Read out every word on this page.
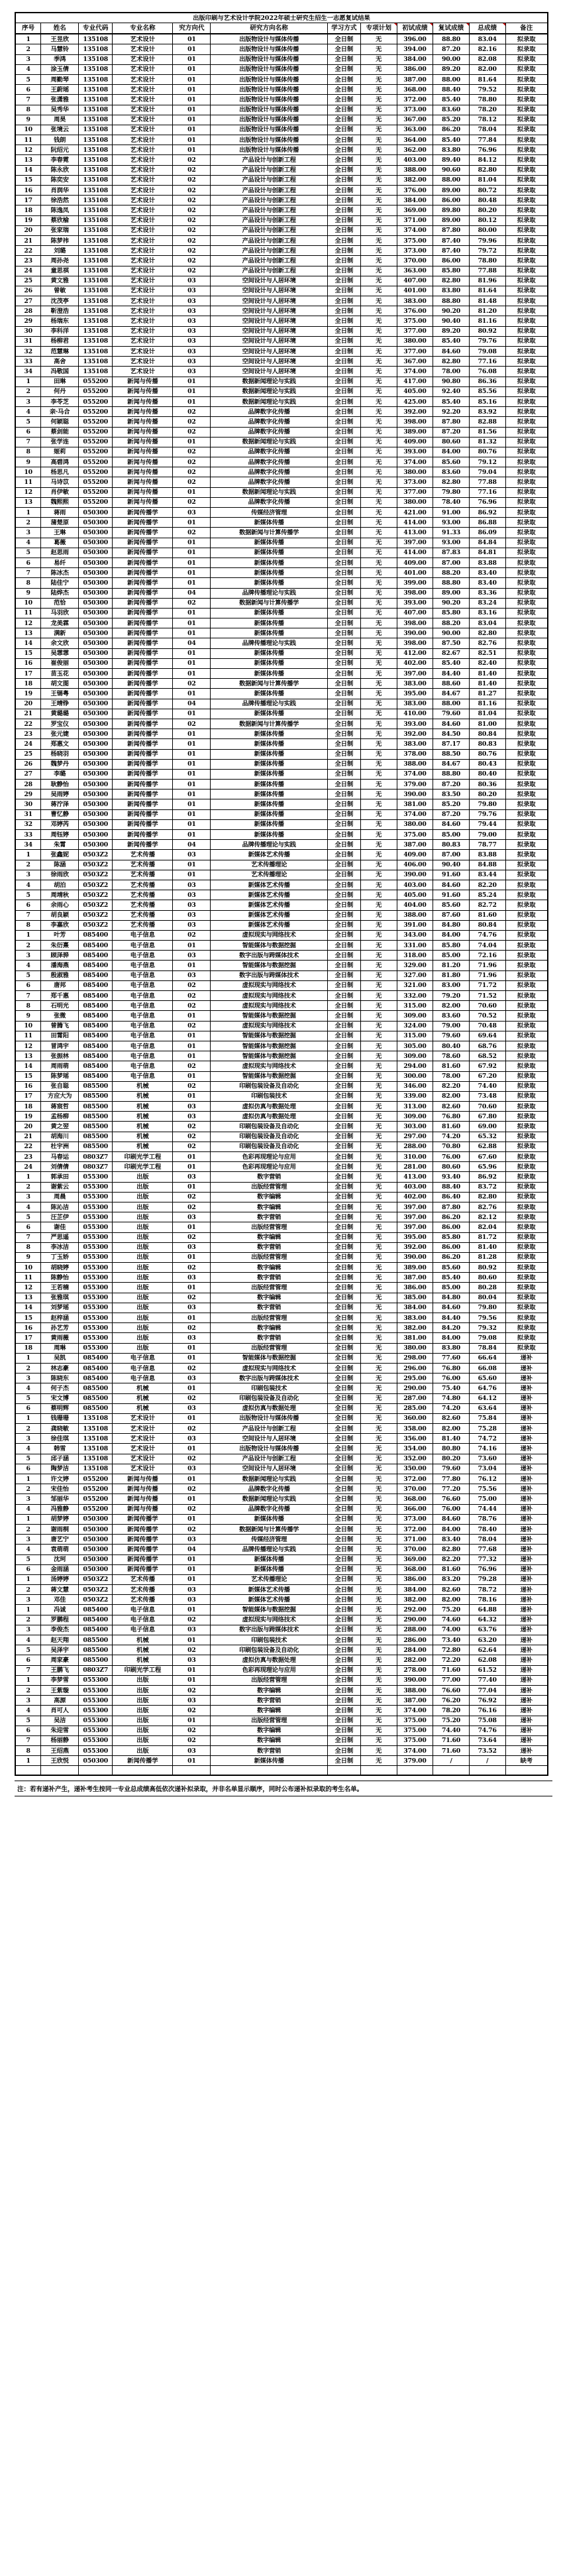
出版印刷与艺术设计学院2022年硕士研究生招生一志愿复试结果											
序号	姓名	专业代码	专业名称	究方向代	研究方向名称	学习方式	专项计划	初试成绩	复试成绩	总成绩	备注
1	王昱欣	135108	艺术设计	01	出版物设计与媒体传播	全日制	无	396.00	88.80	83.04	拟录取
2	马慧铃	135108	艺术设计	01	出版物设计与媒体传播	全日制	无	394.00	87.20	82.16	拟录取
3	季鸿	135108	艺术设计	01	出版物设计与媒体传播	全日制	无	384.00	90.00	82.08	拟录取
4	涂玉倩	135108	艺术设计	01	出版物设计与媒体传播	全日制	无	386.00	89.20	82.00	拟录取
5	周勤琴	135108	艺术设计	01	出版物设计与媒体传播	全日制	无	387.00	88.00	81.64	拟录取
6	王蔚瑶	135108	艺术设计	01	出版物设计与媒体传播	全日制	无	368.00	88.40	79.52	拟录取
7	张潇雅	135108	艺术设计	01	出版物设计与媒体传播	全日制	无	372.00	85.40	78.80	拟录取
8	吴秀华	135108	艺术设计	01	出版物设计与媒体传播	全日制	无	373.00	83.60	78.20	拟录取
9	周昊	135108	艺术设计	01	出版物设计与媒体传播	全日制	无	367.00	85.20	78.12	拟录取
10	张境云	135108	艺术设计	01	出版物设计与媒体传播	全日制	无	363.00	86.20	78.04	拟录取
11	钱朗	135108	艺术设计	01	出版物设计与媒体传播	全日制	无	364.00	85.40	77.84	拟录取
12	阮绍元	135108	艺术设计	01	出版物设计与媒体传播	全日制	无	362.00	83.80	76.96	拟录取
13	李春霓	135108	艺术设计	02	产品设计与创新工程	全日制	无	403.00	89.40	84.12	拟录取
14	陈永欣	135108	艺术设计	02	产品设计与创新工程	全日制	无	388.00	90.60	82.80	拟录取
15	陈奕安	135108	艺术设计	02	产品设计与创新工程	全日制	无	382.00	88.00	81.04	拟录取
16	肖润华	135108	艺术设计	02	产品设计与创新工程	全日制	无	376.00	89.00	80.72	拟录取
17	徐浩然	135108	艺术设计	02	产品设计与创新工程	全日制	无	384.00	86.00	80.48	拟录取
18	陈逸凤	135108	艺术设计	02	产品设计与创新工程	全日制	无	369.00	89.80	80.20	拟录取
19	蔡欣榆	135108	艺术设计	02	产品设计与创新工程	全日制	无	371.00	89.00	80.12	拟录取
20	张家瑞	135108	艺术设计	02	产品设计与创新工程	全日制	无	374.00	87.80	80.00	拟录取
21	陈梦祎	135108	艺术设计	02	产品设计与创新工程	全日制	无	375.00	87.40	79.96	拟录取
22	刘璐	135108	艺术设计	02	产品设计与创新工程	全日制	无	373.00	87.40	79.72	拟录取
23	周孙尧	135108	艺术设计	02	产品设计与创新工程	全日制	无	370.00	86.00	78.80	拟录取
24	童思祺	135108	艺术设计	02	产品设计与创新工程	全日制	无	363.00	85.80	77.88	拟录取
25	黄文雅	135108	艺术设计	03	空间设计与人居环境	全日制	无	407.00	82.80	81.96	拟录取
26	曾敏	135108	艺术设计	03	空间设计与人居环境	全日制	无	401.00	83.80	81.64	拟录取
27	沈茂亭	135108	艺术设计	03	空间设计与人居环境	全日制	无	383.00	88.80	81.48	拟录取
28	靳澄浩	135108	艺术设计	03	空间设计与人居环境	全日制	无	376.00	90.20	81.20	拟录取
29	杨瑞东	135108	艺术设计	03	空间设计与人居环境	全日制	无	375.00	90.40	81.16	拟录取
30	李科洋	135108	艺术设计	03	空间设计与人居环境	全日制	无	377.00	89.20	80.92	拟录取
31	杨柳君	135108	艺术设计	03	空间设计与人居环境	全日制	无	380.00	85.40	79.76	拟录取
32	范慧琳	135108	艺术设计	03	空间设计与人居环境	全日制	无	377.00	84.60	79.08	拟录取
33	高舍	135108	艺术设计	03	空间设计与人居环境	全日制	无	367.00	82.80	77.16	拟录取
34	冯敬国	135108	艺术设计	03	空间设计与人居环境	全日制	无	374.00	78.00	76.08	拟录取
1	田琳	055200	新闻与传播	01	数据新闻理论与实践	全日制	无	417.00	90.80	86.36	拟录取
2	何丹	055200	新闻与传播	01	数据新闻理论与实践	全日制	无	405.00	92.40	85.56	拟录取
3	李苓芝	055200	新闻与传播	01	数据新闻理论与实践	全日制	无	425.00	85.40	85.16	拟录取
4	亲·马合	055200	新闻与传播	02	品牌数字化传播	全日制	无	392.00	92.20	83.92	拟录取
5	何颖聪	055200	新闻与传播	02	品牌数字化传播	全日制	无	398.00	87.80	82.88	拟录取
6	蔡剑能	055200	新闻与传播	02	品牌数字化传播	全日制	无	389.00	87.20	81.56	拟录取
7	张学连	055200	新闻与传播	01	数据新闻理论与实践	全日制	无	409.00	80.60	81.32	拟录取
8	姬莉	055200	新闻与传播	02	品牌数字化传播	全日制	无	393.00	84.00	80.76	拟录取
9	高碧鸿	055200	新闻与传播	02	品牌数字化传播	全日制	无	374.00	85.60	79.12	拟录取
10	杨思凡	055200	新闻与传播	02	品牌数字化传播	全日制	无	380.00	83.60	79.04	拟录取
11	马诗苡	055200	新闻与传播	02	品牌数字化传播	全日制	无	373.00	82.80	77.88	拟录取
12	肖伊敏	055200	新闻与传播	01	数据新闻理论与实践	全日制	无	377.00	79.80	77.16	拟录取
13	魏熙熙	055200	新闻与传播	02	品牌数字化传播	全日制	无	380.00	78.40	76.96	拟录取
1	蒋雨	050300	新闻传播学	03	传媒经济管理	全日制	无	421.00	91.00	86.92	拟录取
2	蒲楚原	050300	新闻传播学	01	新媒体传播	全日制	无	414.00	93.00	86.88	拟录取
3	王琳	050300	新闻传播学	02	数据新闻与计算传播学	全日制	无	413.00	91.33	86.09	拟录取
4	葛薇	050300	新闻传播学	01	新媒体传播	全日制	无	397.00	93.00	84.84	拟录取
5	赵思雨	050300	新闻传播学	01	新媒体传播	全日制	无	414.00	87.83	84.81	拟录取
6	易纤	050300	新闻传播学	01	新媒体传播	全日制	无	409.00	87.00	83.88	拟录取
7	陈冰杰	050300	新闻传播学	01	新媒体传播	全日制	无	401.00	88.20	83.40	拟录取
8	陆佳宁	050300	新闻传播学	01	新媒体传播	全日制	无	399.00	88.80	83.40	拟录取
9	陆烨杰	050300	新闻传播学	04	品牌传播理论与实践	全日制	无	398.00	89.00	83.36	拟录取
10	范恰	050300	新闻传播学	02	数据新闻与计算传播学	全日制	无	393.00	90.20	83.24	拟录取
11	马羽欣	050300	新闻传播学	01	新媒体传播	全日制	无	407.00	85.80	83.16	拟录取
12	龙美霖	050300	新闻传播学	01	新媒体传播	全日制	无	398.00	88.20	83.04	拟录取
13	满新	050300	新闻传播学	01	新媒体传播	全日制	无	390.00	90.00	82.80	拟录取
14	余文欣	050300	新闻传播学	04	品牌传播理论与实践	全日制	无	398.00	87.50	82.76	拟录取
15	吴霏霏	050300	新闻传播学	01	新媒体传播	全日制	无	412.00	82.67	82.51	拟录取
16	崔俊丽	050300	新闻传播学	01	新媒体传播	全日制	无	402.00	85.40	82.40	拟录取
17	苗玉花	050300	新闻传播学	01	新媒体传播	全日制	无	397.00	84.40	81.40	拟录取
18	胡文图	050300	新闻传播学	02	数据新闻与计算传播学	全日制	无	383.00	88.60	81.40	拟录取
19	王锡粤	050300	新闻传播学	01	新媒体传播	全日制	无	395.00	84.67	81.27	拟录取
20	王晴铮	050300	新闻传播学	04	品牌传播理论与实践	全日制	无	383.00	88.00	81.16	拟录取
21	黄璐璐	050300	新闻传播学	01	新媒体传播	全日制	无	410.00	79.60	81.04	拟录取
22	罗宝仪	050300	新闻传播学	02	数据新闻与计算传播学	全日制	无	393.00	84.60	81.00	拟录取
23	张元婕	050300	新闻传播学	01	新媒体传播	全日制	无	392.00	84.50	80.84	拟录取
24	郑惠文	050300	新闻传播学	01	新媒体传播	全日制	无	383.00	87.17	80.83	拟录取
25	杨晓羽	050300	新闻传播学	01	新媒体传播	全日制	无	378.00	88.50	80.76	拟录取
26	魏梦丹	050300	新闻传播学	01	新媒体传播	全日制	无	388.00	84.67	80.43	拟录取
27	李璐	050300	新闻传播学	01	新媒体传播	全日制	无	374.00	88.80	80.40	拟录取
28	耿静怡	050300	新闻传播学	01	新媒体传播	全日制	无	379.00	87.20	80.36	拟录取
29	吴雨婷	050300	新闻传播学	01	新媒体传播	全日制	无	390.00	83.50	80.20	拟录取
30	蒋泞泽	050300	新闻传播学	01	新媒体传播	全日制	无	381.00	85.20	79.80	拟录取
31	曹忆静	050300	新闻传播学	01	新媒体传播	全日制	无	374.00	87.20	79.76	拟录取
32	邓婷芮	050300	新闻传播学	01	新媒体传播	全日制	无	380.00	84.60	79.44	拟录取
33	周钰婷	050300	新闻传播学	01	新媒体传播	全日制	无	375.00	85.00	79.00	拟录取
34	朱霄	050300	新闻传播学	04	品牌传播理论与实践	全日制	无	387.00	80.83	78.77	拟录取
1	张鑫妮	0503Z2	艺术传播	03	新媒体艺术传播	全日制	无	409.00	87.00	83.88	拟录取
2	陈涵	0503Z2	艺术传播	01	艺术传播理论	全日制	无	406.00	90.40	84.88	拟录取
3	徐雨欣	0503Z2	艺术传播	01	艺术传播理论	全日制	无	390.00	91.60	83.44	拟录取
4	胡泊	0503Z2	艺术传播	03	新媒体艺术传播	全日制	无	403.00	84.60	82.20	拟录取
5	周靖秋	0503Z2	艺术传播	03	新媒体艺术传播	全日制	无	405.00	91.60	85.24	拟录取
6	余雨心	0503Z2	艺术传播	03	新媒体艺术传播	全日制	无	404.00	85.60	82.72	拟录取
7	胡良颖	0503Z2	艺术传播	03	新媒体艺术传播	全日制	无	388.00	87.60	81.60	拟录取
8	李嘉欣	0503Z2	艺术传播	03	新媒体艺术传播	全日制	无	391.00	84.80	80.84	拟录取
1	叶芳	085400	电子信息	02	虚拟现实与网络技术	全日制	无	343.00	84.00	74.76	拟录取
2	朱衍熹	085400	电子信息	01	智能媒体与数据挖掘	全日制	无	331.00	85.80	74.04	拟录取
3	顾泽骅	085400	电子信息	03	数字出版与跨媒体技术	全日制	无	318.00	85.00	72.16	拟录取
4	潘海燕	085400	电子信息	01	智能媒体与数据挖掘	全日制	无	329.00	81.20	71.96	拟录取
5	殷淑雅	085400	电子信息	03	数字出版与跨媒体技术	全日制	无	327.00	81.80	71.96	拟录取
6	唐邦	085400	电子信息	02	虚拟现实与网络技术	全日制	无	321.00	83.00	71.72	拟录取
7	郑千惠	085400	电子信息	02	虚拟现实与网络技术	全日制	无	332.00	79.20	71.52	拟录取
8	石明光	085400	电子信息	02	虚拟现实与网络技术	全日制	无	315.00	82.00	70.60	拟录取
9	张微	085400	电子信息	01	智能媒体与数据挖掘	全日制	无	309.00	83.60	70.52	拟录取
10	曾腾飞	085400	电子信息	02	虚拟现实与网络技术	全日制	无	324.00	79.00	70.48	拟录取
11	田霄阳	085400	电子信息	01	智能媒体与数据挖掘	全日制	无	315.00	79.60	69.64	拟录取
12	冒鸿宇	085400	电子信息	01	智能媒体与数据挖掘	全日制	无	305.00	80.40	68.76	拟录取
13	张振林	085400	电子信息	01	智能媒体与数据挖掘	全日制	无	309.00	78.60	68.52	拟录取
14	周雨萌	085400	电子信息	02	虚拟现实与网络技术	全日制	无	294.00	81.60	67.92	拟录取
15	陈梦瑶	085400	电子信息	01	智能媒体与数据挖掘	全日制	无	300.00	78.00	67.20	拟录取
16	张自聪	085500	机械	02	印刷包装设备及自动化	全日制	无	346.00	82.20	74.40	拟录取
17	方应大为	085500	机械	01	印刷包装技术	全日制	无	339.00	82.00	73.48	拟录取
18	蒋宸哲	085500	机械	03	虚拟仿真与数据处理	全日制	无	313.00	82.60	70.60	拟录取
19	孟杨柳	085500	机械	03	虚拟仿真与数据处理	全日制	无	309.00	76.80	67.80	拟录取
20	黄之翌	085500	机械	02	印刷包装设备及自动化	全日制	无	303.00	81.60	69.00	拟录取
21	胡海川	085500	机械	02	印刷包装设备及自动化	全日制	无	297.00	74.20	65.32	拟录取
22	杜宇洲	085500	机械	02	印刷包装设备及自动化	全日制	无	288.00	70.80	62.88	拟录取
23	马春运	0803Z7	印刷光学工程	01	色彩再现理论与应用	全日制	无	310.00	76.00	67.60	拟录取
24	刘倩倩	0803Z7	印刷光学工程	01	色彩再现理论与应用	全日制	无	281.00	80.60	65.96	拟录取
1	郭承田	055300	出版	03	数字营销	全日制	无	413.00	93.40	86.92	拟录取
2	谢紫云	055300	出版	01	出版经营管理	全日制	无	403.00	88.40	83.72	拟录取
3	周晨	055300	出版	02	数字编辑	全日制	无	402.00	86.40	82.80	拟录取
4	陈沁洁	055300	出版	02	数字编辑	全日制	无	397.00	87.80	82.76	拟录取
5	汪芷伊	055300	出版	03	数字营销	全日制	无	397.00	86.20	82.12	拟录取
6	谢佳	055300	出版	01	出版经营管理	全日制	无	397.00	86.00	82.04	拟录取
7	严思遥	055300	出版	02	数字编辑	全日制	无	395.00	85.80	81.72	拟录取
8	李冰洁	055300	出版	03	数字营销	全日制	无	392.00	86.00	81.40	拟录取
9	丁玉娇	055300	出版	01	出版经营管理	全日制	无	390.00	86.20	81.28	拟录取
10	胡晓婷	055300	出版	02	数字编辑	全日制	无	389.00	85.60	80.92	拟录取
11	陈静怡	055300	出版	03	数字营销	全日制	无	387.00	85.40	80.60	拟录取
12	王若楠	055300	出版	01	出版经营管理	全日制	无	386.00	85.00	80.28	拟录取
13	张雅琪	055300	出版	02	数字编辑	全日制	无	385.00	84.80	80.04	拟录取
14	刘梦瑶	055300	出版	03	数字营销	全日制	无	384.00	84.60	79.80	拟录取
15	赵梓涵	055300	出版	01	出版经营管理	全日制	无	383.00	84.40	79.56	拟录取
16	孙艺芳	055300	出版	02	数字编辑	全日制	无	382.00	84.20	79.32	拟录取
17	黄雨薇	055300	出版	03	数字营销	全日制	无	381.00	84.00	79.08	拟录取
18	周琳	055300	出版	01	出版经营管理	全日制	无	380.00	83.80	78.84	拟录取
1	吴凯	085400	电子信息	01	智能媒体与数据挖掘	全日制	无	298.00	77.60	66.64	递补
2	林志豪	085400	电子信息	02	虚拟现实与网络技术	全日制	无	296.00	76.80	66.08	递补
3	陈晓东	085400	电子信息	03	数字出版与跨媒体技术	全日制	无	295.00	76.00	65.60	递补
4	何子杰	085500	机械	01	印刷包装技术	全日制	无	290.00	75.40	64.76	递补
5	宋文博	085500	机械	02	印刷包装设备及自动化	全日制	无	287.00	74.80	64.12	递补
6	蔡明辉	085500	机械	03	虚拟仿真与数据处理	全日制	无	285.00	74.20	63.64	递补
1	钱珊珊	135108	艺术设计	01	出版物设计与媒体传播	全日制	无	360.00	82.60	75.84	递补
2	龚晓敏	135108	艺术设计	02	产品设计与创新工程	全日制	无	358.00	82.00	75.28	递补
3	徐佳琪	135108	艺术设计	03	空间设计与人居环境	全日制	无	356.00	81.40	74.72	递补
4	韩雪	135108	艺术设计	01	出版物设计与媒体传播	全日制	无	354.00	80.80	74.16	递补
5	邱子涵	135108	艺术设计	02	产品设计与创新工程	全日制	无	352.00	80.20	73.60	递补
6	陶梦洁	135108	艺术设计	03	空间设计与人居环境	全日制	无	350.00	79.60	73.04	递补
1	许文婷	055200	新闻与传播	01	数据新闻理论与实践	全日制	无	372.00	77.80	76.12	递补
2	宋佳怡	055200	新闻与传播	02	品牌数字化传播	全日制	无	370.00	77.20	75.56	递补
3	邹丽华	055200	新闻与传播	01	数据新闻理论与实践	全日制	无	368.00	76.60	75.00	递补
4	冯雅静	055200	新闻与传播	02	品牌数字化传播	全日制	无	366.00	76.00	74.44	递补
1	胡梦婷	050300	新闻传播学	01	新媒体传播	全日制	无	373.00	84.60	78.76	递补
2	谢雨桐	050300	新闻传播学	02	数据新闻与计算传播学	全日制	无	372.00	84.00	78.40	递补
3	唐艺宁	050300	新闻传播学	03	传媒经济管理	全日制	无	371.00	83.40	78.04	递补
4	袁萌萌	050300	新闻传播学	04	品牌传播理论与实践	全日制	无	370.00	82.80	77.68	递补
5	沈珂	050300	新闻传播学	01	新媒体传播	全日制	无	369.00	82.20	77.32	递补
6	金雨涵	050300	新闻传播学	01	新媒体传播	全日制	无	368.00	81.60	76.96	递补
1	汤婷婷	0503Z2	艺术传播	01	艺术传播理论	全日制	无	386.00	83.20	79.28	递补
2	蒋文慧	0503Z2	艺术传播	03	新媒体艺术传播	全日制	无	384.00	82.60	78.72	递补
3	邓佳	0503Z2	艺术传播	03	新媒体艺术传播	全日制	无	382.00	82.00	78.16	递补
1	冯诚	085400	电子信息	01	智能媒体与数据挖掘	全日制	无	292.00	75.20	64.88	递补
2	罗鹏程	085400	电子信息	02	虚拟现实与网络技术	全日制	无	290.00	74.60	64.32	递补
3	李俊杰	085400	电子信息	03	数字出版与跨媒体技术	全日制	无	288.00	74.00	63.76	递补
4	赵天翔	085500	机械	01	印刷包装技术	全日制	无	286.00	73.40	63.20	递补
5	吴泽宇	085500	机械	02	印刷包装设备及自动化	全日制	无	284.00	72.80	62.64	递补
6	周家豪	085500	机械	03	虚拟仿真与数据处理	全日制	无	282.00	72.20	62.08	递补
7	王鹏飞	0803Z7	印刷光学工程	01	色彩再现理论与应用	全日制	无	278.00	71.60	61.52	递补
1	李梦雪	055300	出版	01	出版经营管理	全日制	无	390.00	77.00	77.40	递补
2	王紫璇	055300	出版	02	数字编辑	全日制	无	388.00	76.60	77.04	递补
3	高源	055300	出版	03	数字营销	全日制	无	387.00	76.20	76.92	递补
4	肖可人	055300	出版	02	数字编辑	全日制	无	374.00	78.20	76.16	递补
5	吴洁	055300	出版	01	出版经营管理	全日制	无	375.00	75.20	75.08	递补
6	朱迎雪	055300	出版	02	数字编辑	全日制	无	375.00	74.40	74.76	递补
7	杨丽静	055300	出版	02	数字编辑	全日制	无	375.00	71.60	73.64	递补
8	王绍燕	055300	出版	03	数字营销	全日制	无	374.00	71.60	73.52	递补
1	王欣悦	050300	新闻传播学	01	新媒体传播	全日制	无	379.00	/	/	缺考

注：若有递补产生，递补考生按同一专业总成绩高低依次递补拟录取，并非名单显示顺序，同时公布递补拟录取的考生名单。
